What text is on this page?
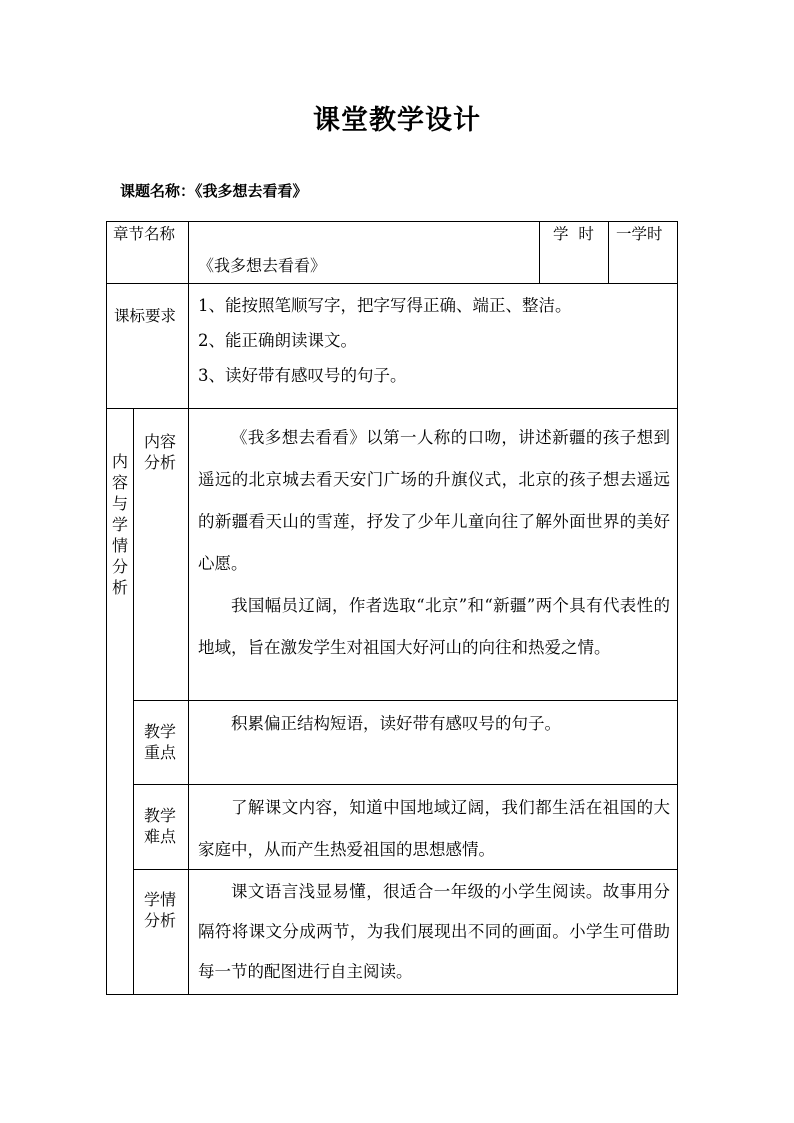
课堂教学设计
课题名称：《我多想去看看》
章节名称
《我多想去看看》
学  时 一学时
课标要求
1、能按照笔顺写字，把字写得正确、端正、整洁。
2、能正确朗读课文。
3、读好带有感叹号的句子。
内容与学情分析
内容分析

《我多想去看看》以第一人称的口吻，讲述新疆的孩子想到遥远的北京城去看天安门广场的升旗仪式，北京的孩子想去遥远的新疆看天山的雪莲，抒发了少年儿童向往了解外面世界的美好心愿。

我国幅员辽阔，作者选取“北京”和“新疆”两个具有代表性的地域，旨在激发学生对祖国大好河山的向往和热爱之情。

教学重点

积累偏正结构短语，读好带有感叹号的句子。

教学难点

了解课文内容，知道中国地域辽阔，我们都生活在祖国的大家庭中，从而产生热爱祖国的思想感情。

学情分析

课文语言浅显易懂，很适合一年级的小学生阅读。故事用分隔符将课文分成两节，为我们展现出不同的画面。小学生可借助每一节的配图进行自主阅读。
